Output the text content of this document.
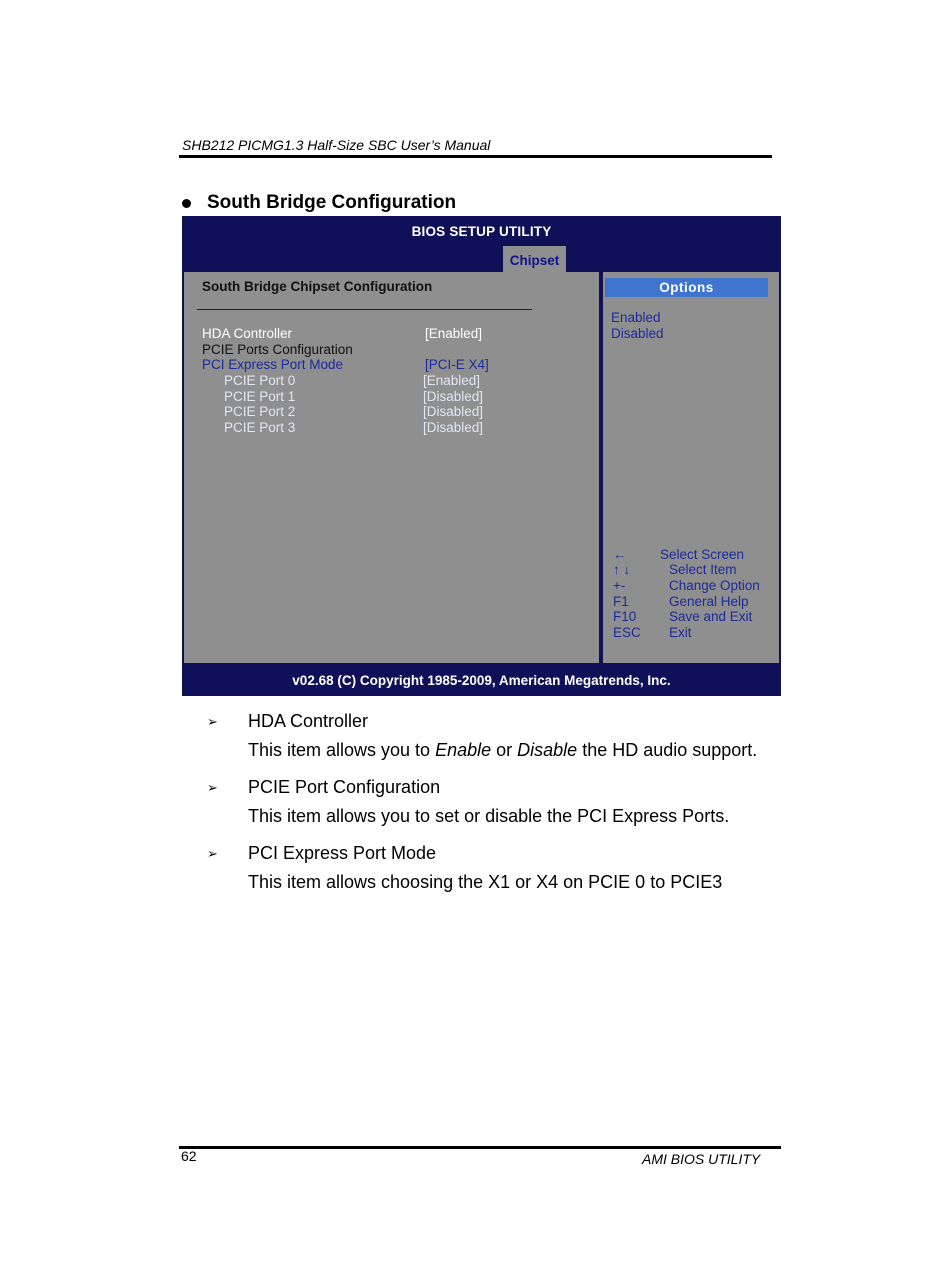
SHB212 PICMG1.3 Half-Size SBC User’s Manual
South Bridge Configuration
BIOS SETUP UTILITY
Chipset
South Bridge Chipset Configuration
HDA Controller	[Enabled]
PCIE Ports Configuration
PCI Express Port Mode	[PCI-E X4]
PCIE Port 0	[Enabled]
PCIE Port 1	[Disabled]
PCIE Port 2	[Disabled]
PCIE Port 3	[Disabled]
Options
Enabled
Disabled
← Select Screen
↑ ↓	Select Item
+-	Change Option
F1	General Help
F10 Save and Exit
ESC Exit
v02.68 (C) Copyright 1985-2009, American Megatrends, Inc.
➢ HDA Controller
This item allows you to Enable or Disable the HD audio support.
➢ PCIE Port Configuration
This item allows you to set or disable the PCI Express Ports.
➢ PCI Express Port Mode
This item allows choosing the X1 or X4 on PCIE 0 to PCIE3
62	AMI BIOS UTILITY
